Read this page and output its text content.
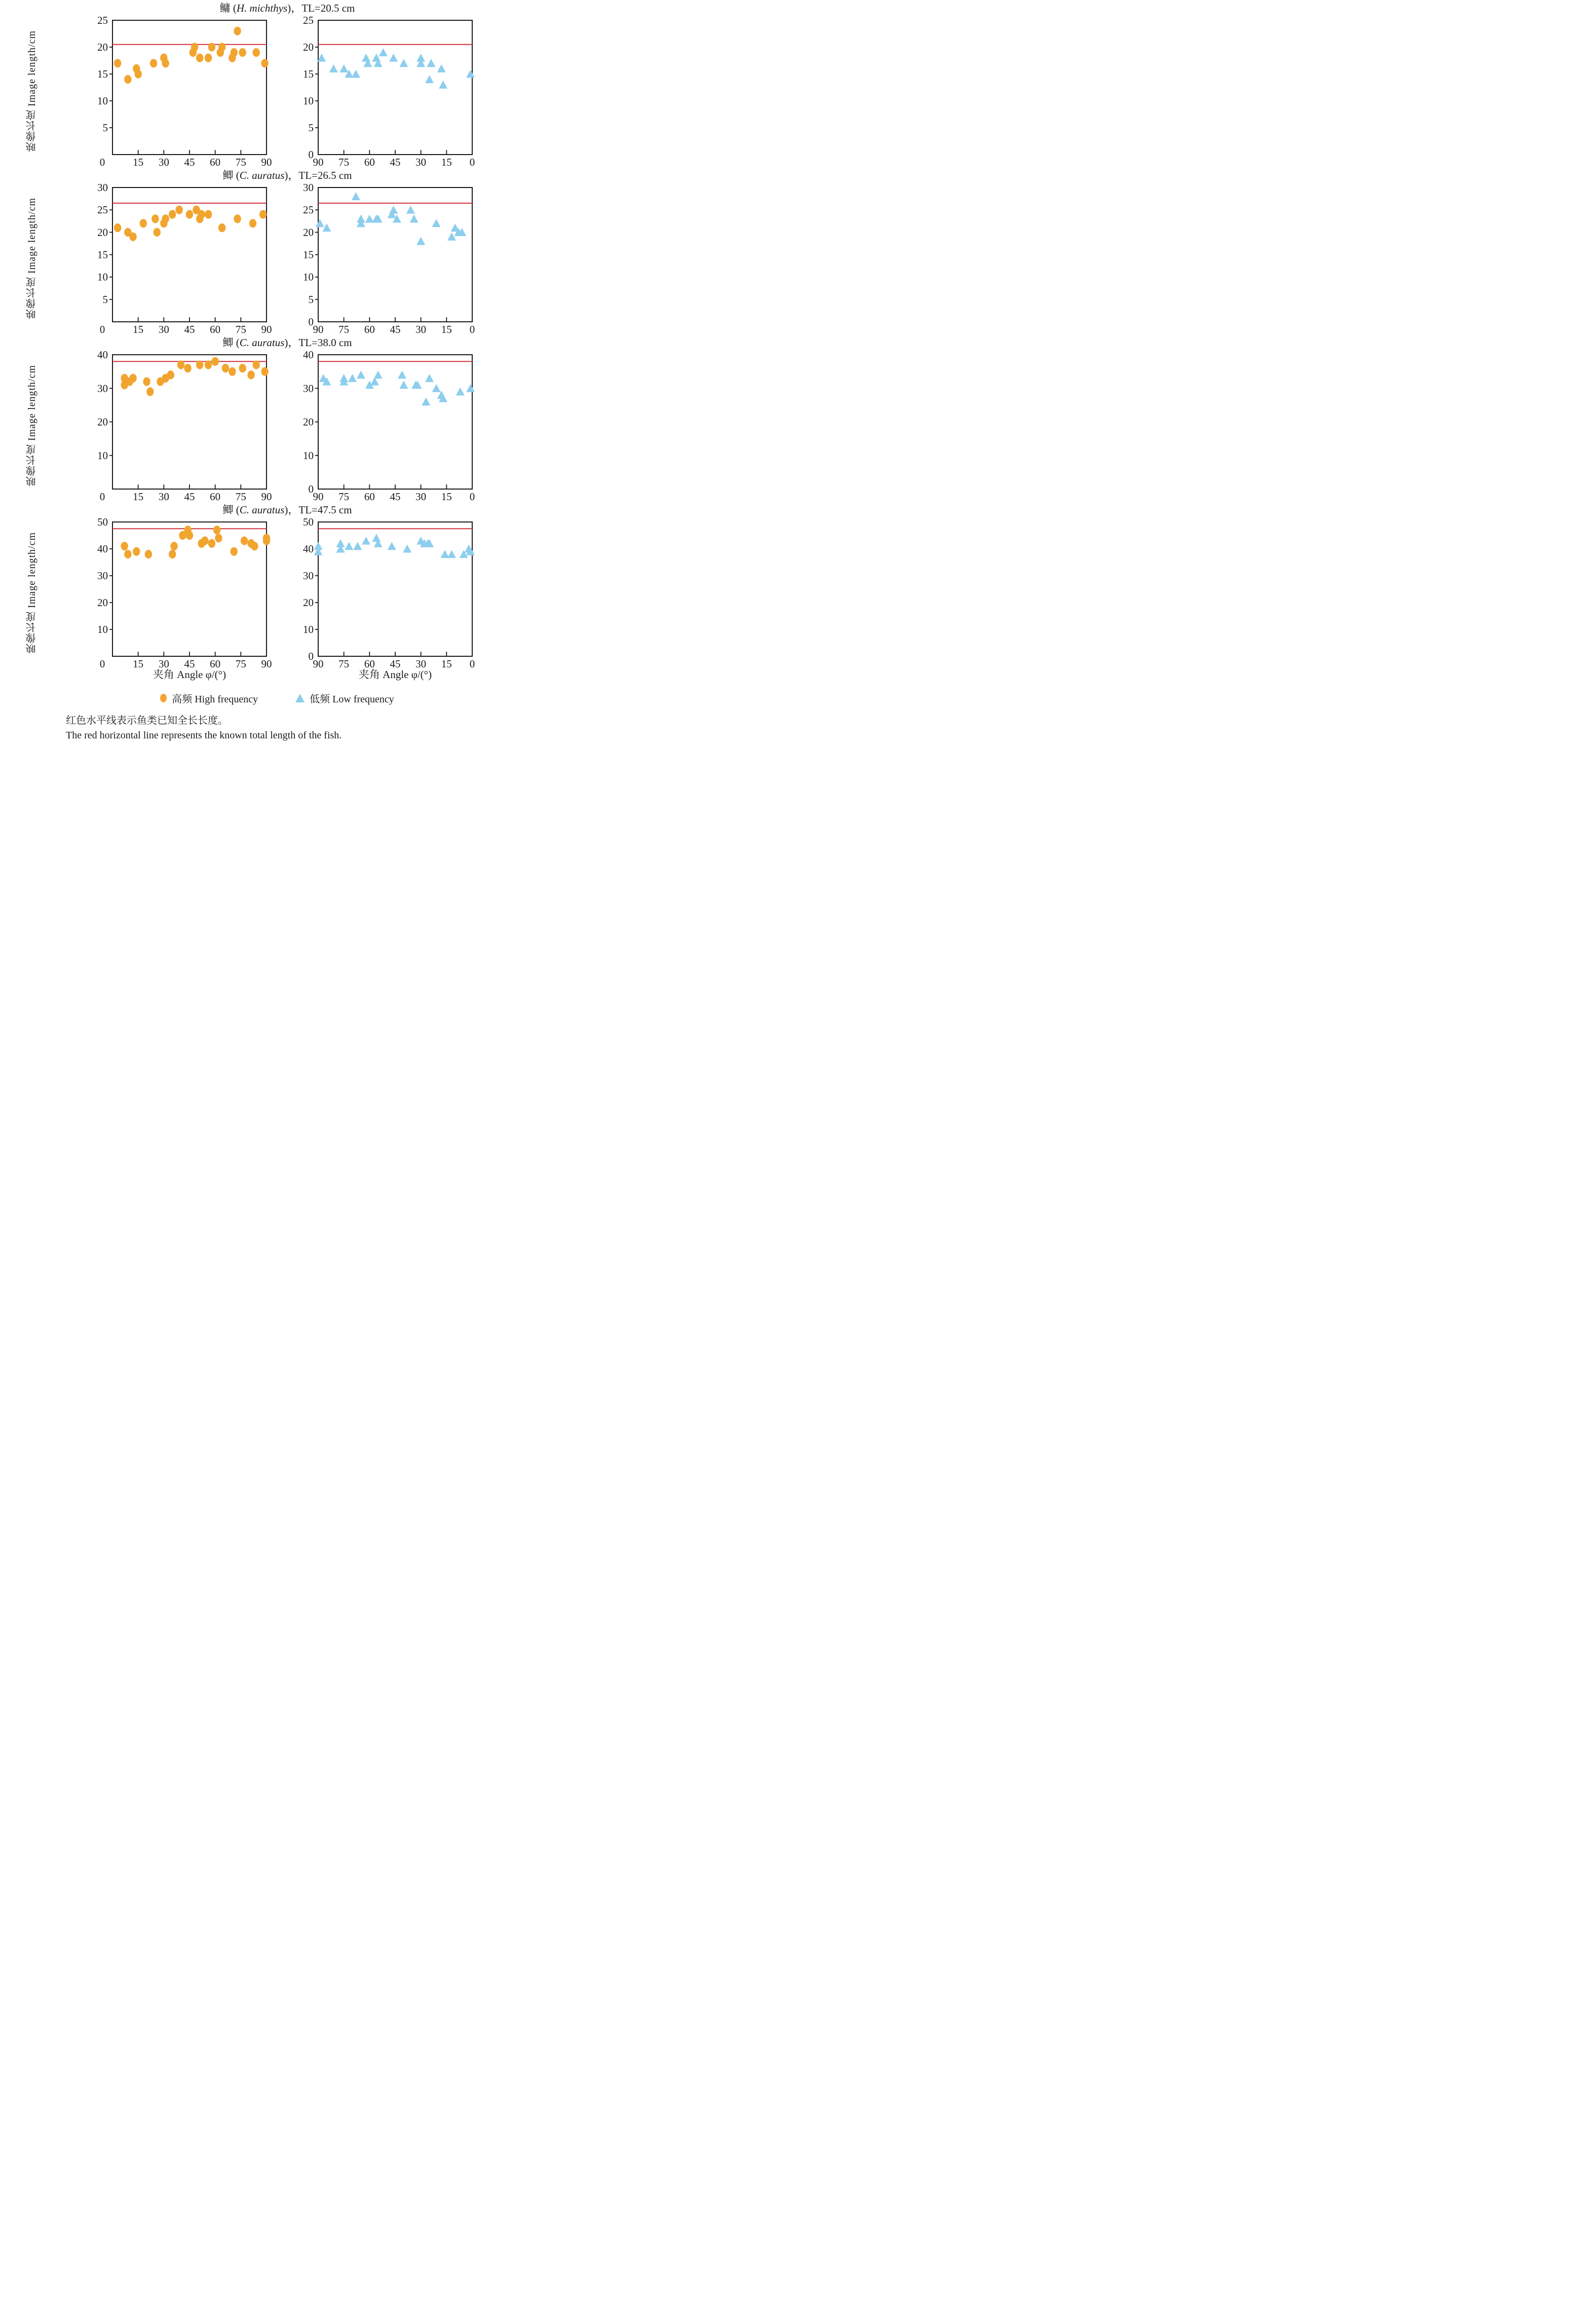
鳙 (H. michthys)，TL=20.5 cm
映像长度 Image length/cm	5
10
15
20
25
0	15 30 45 60 75 90
0
5
10
15
20
25
90 75 60 45 30 15 0
鲫 (C. auratus)，TL=26.5 cm
映像长度 Image length/cm	5
10
15
20
25
30
0	15 30 45 60 75 90
0
5
10
15
20
25
30
90 75 60 45 30 15 0
鲫 (C. auratus)，TL=38.0 cm
映像长度 Image length/cm	10
20
30
40
0	15 30 45 60 75 90
0
10
20
30
40
90 75 60 45 30 15 0
鲫 (C. auratus)，TL=47.5 cm
映像长度 Image length/cm	10
20
30
40
50
0	15 30 45 60 75 90
0
10
20
30
40
50
90 75 60 45 30 15 0
夹角 Angle φ/(°)	夹角 Angle φ/(°)
高频 High frequency	低频 Low frequency
红色水平线表示鱼类已知全长长度。
The red horizontal line represents the known total length of the fish.
